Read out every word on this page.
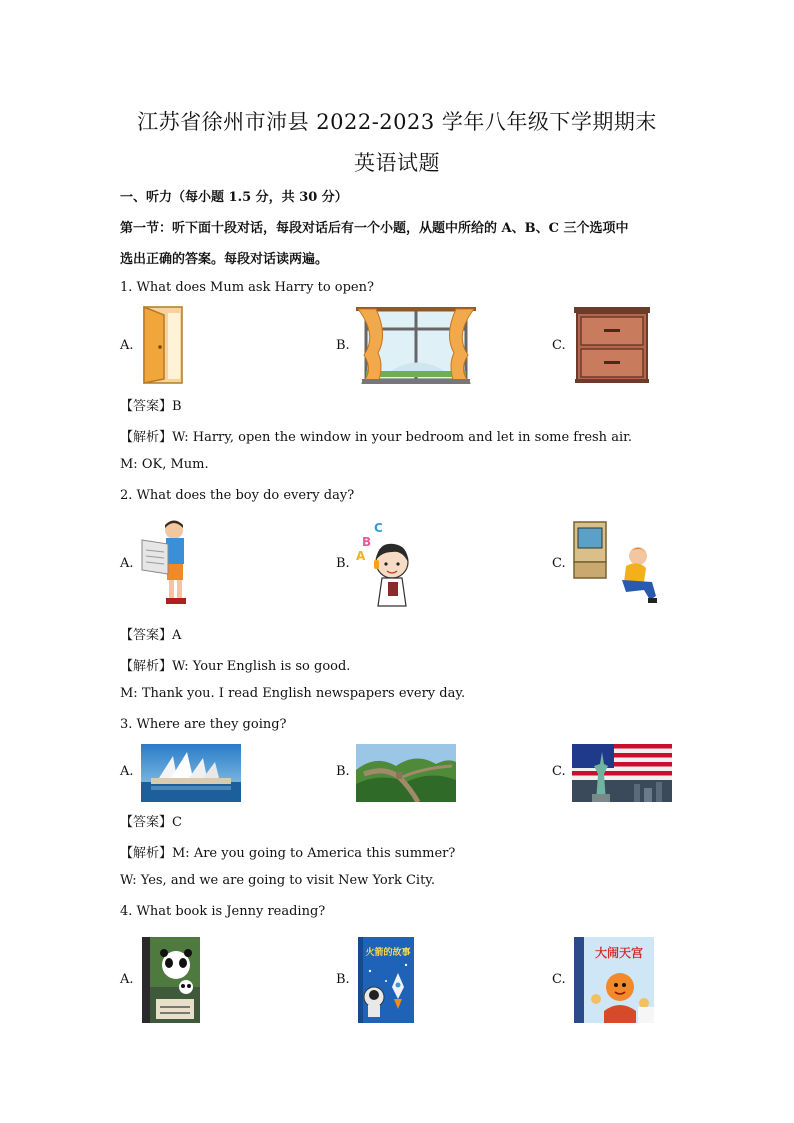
江苏省徐州市沛县 2022-2023 学年八年级下学期期末
英语试题
一、听力（每小题 1.5 分，共 30 分）
第一节：听下面十段对话，每段对话后有一个小题，从题中所给的 A、B、C 三个选项中
选出正确的答案。每段对话读两遍。
1. What does Mum ask Harry to open?
A.	B.	C.
【答案】B
【解析】W: Harry, open the window in your bedroom and let in some fresh air.
M: OK, Mum.
2. What does the boy do every day?
A.	B.
C
B
A	C.
【答案】A
【解析】W: Your English is so good.
M: Thank you. I read English newspapers every day.
3. Where are they going?
A.	B.	C.
【答案】C
【解析】M: Are you going to America this summer?
W: Yes, and we are going to visit New York City.
4. What book is Jenny reading?
A.	B.
火箭的故事
C.
大闹天宫
